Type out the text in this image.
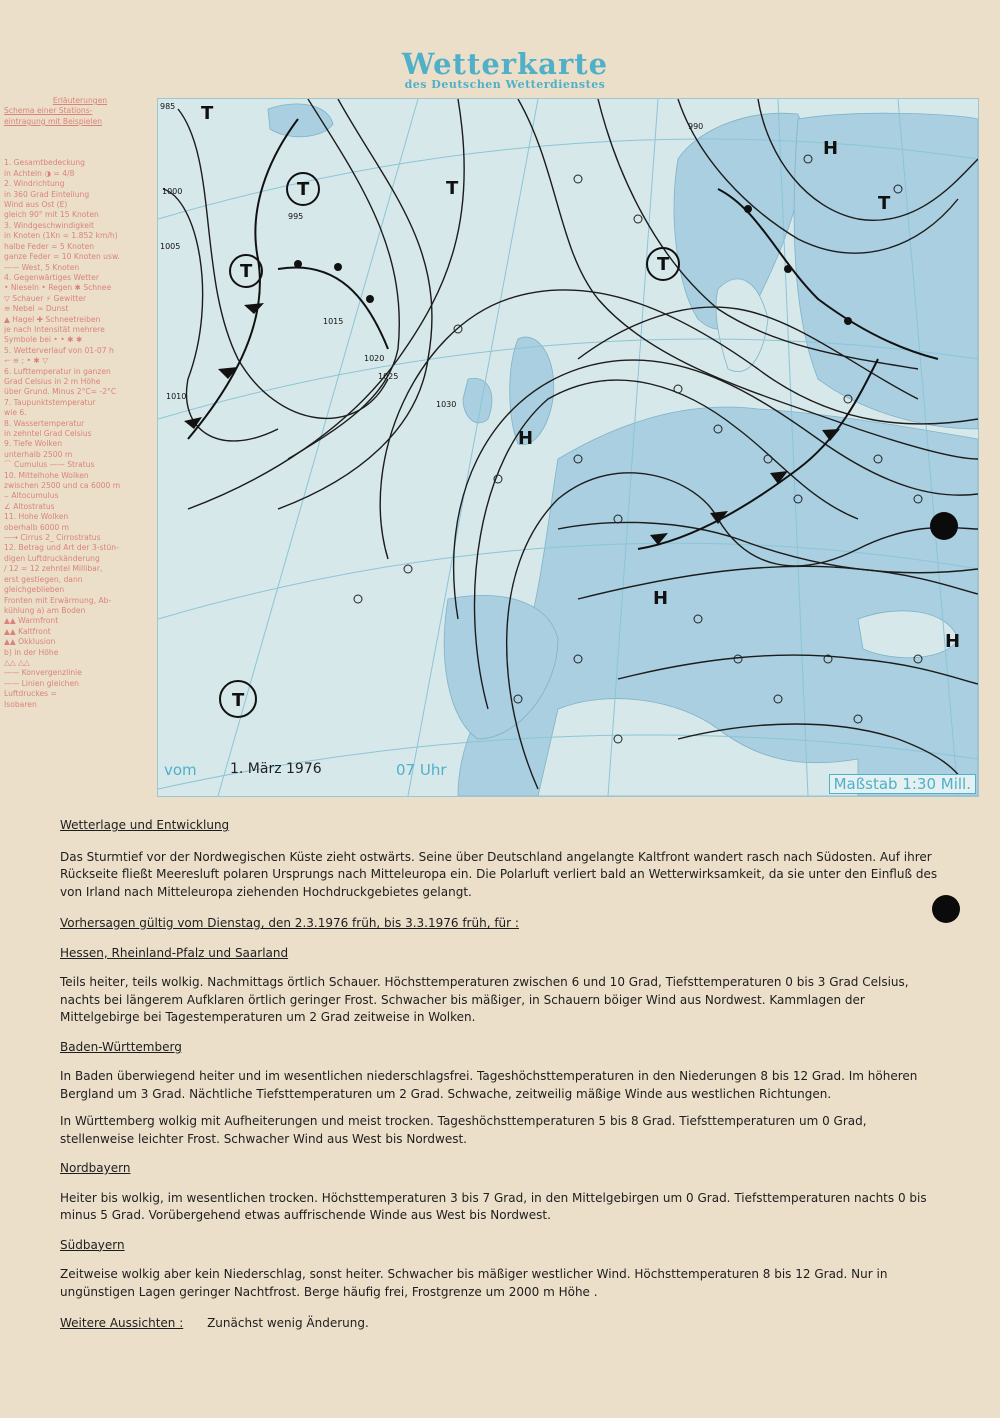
Wetterkarte
des Deutschen Wetterdienstes
Erläuterungen
Schema einer Stations-
eintragung mit Beispielen

1. Gesamtbedeckung
in Achteln ◑ = 4/8
2. Windrichtung
in 360 Grad Einteilung
Wind aus Ost (E)
gleich 90° mit 15 Knoten
3. Windgeschwindigkeit
in Knoten (1Kn = 1.852 km/h)
halbe Feder = 5 Knoten
ganze Feder = 10 Knoten usw.
—— West, 5 Knoten
4. Gegenwärtiges Wetter
• Nieseln • Regen ✱ Schnee
▽ Schauer ⚡ Gewitter
≡ Nebel ∞ Dunst
▲ Hagel ✚ Schneetreiben
je nach Intensität mehrere
Symbole bei • • ✱ ✱
5. Wetterverlauf von 01-07 h
⌐ ≡ ; • ✱ ▽
6. Lufttemperatur in ganzen
Grad Celsius in 2 m Höhe
über Grund. Minus 2°C= -2°C
7. Taupunktstemperatur
wie 6.
8. Wassertemperatur
in zehntel Grad Celsius
9. Tiefe Wolken
unterhalb 2500 m
⌒ Cumulus —— Stratus
10. Mittelhohe Wolken
zwischen 2500 und ca 6000 m
⌣ Altocumulus
∠ Altostratus
11. Hohe Wolken
oberhalb 6000 m
—→ Cirrus 2_ Cirrostratus
12. Betrag und Art der 3-stün-
digen Luftdruckänderung
/ 12 = 12 zehntel Millibar,
erst gestiegen, dann
gleichgeblieben
Fronten mit Erwärmung, Ab-
kühlung a) am Boden
▲▲ Warmfront
▲▲ Kaltfront
▲▲ Okklusion
b) in der Höhe
△△ △△
—— Konvergenzlinie
—— Linien gleichen
Luftdruckes =
Isobaren
T
T
T
T
T
T
T
H
H
H
H
985
990
995
1000
1005
1010
1015
1020
1025
1030
vom 1. März 1976	07 Uhr
Maßstab 1:30 Mill.

Wetterlage und Entwicklung

Das Sturmtief vor der Nordwegischen Küste zieht ostwärts. Seine über Deutschland angelangte Kaltfront wandert rasch nach Südosten. Auf ihrer Rückseite fließt Meeresluft polaren Ursprungs nach Mitteleuropa ein. Die Polarluft verliert bald an Wetterwirksamkeit, da sie unter den Einfluß des von Irland nach Mitteleuropa ziehenden Hochdruckgebietes gelangt.

Vorhersagen gültig vom Dienstag, den 2.3.1976 früh, bis 3.3.1976 früh, für :

Hessen, Rheinland-Pfalz und Saarland

Teils heiter, teils wolkig. Nachmittags örtlich Schauer. Höchsttemperaturen zwischen 6 und 10 Grad, Tiefsttemperaturen 0 bis 3 Grad Celsius, nachts bei längerem Aufklaren örtlich geringer Frost. Schwacher bis mäßiger, in Schauern böiger Wind aus Nordwest. Kammlagen der Mittelgebirge bei Tagestemperaturen um 2 Grad zeitweise in Wolken.

Baden-Württemberg

In Baden überwiegend heiter und im wesentlichen niederschlagsfrei. Tageshöchsttemperaturen in den Niederungen 8 bis 12 Grad. Im höheren Bergland um 3 Grad. Nächtliche Tiefsttemperaturen um 2 Grad. Schwache, zeitweilig mäßige Winde aus westlichen Richtungen.

In Württemberg wolkig mit Aufheiterungen und meist trocken. Tageshöchsttemperaturen 5 bis 8 Grad. Tiefsttemperaturen um 0 Grad, stellenweise leichter Frost. Schwacher Wind aus West bis Nordwest.

Nordbayern

Heiter bis wolkig, im wesentlichen trocken. Höchsttemperaturen 3 bis 7 Grad, in den Mittelgebirgen um 0 Grad. Tiefsttemperaturen nachts 0 bis minus 5 Grad. Vorübergehend etwas auffrischende Winde aus West bis Nordwest.

Südbayern

Zeitweise wolkig aber kein Niederschlag, sonst heiter. Schwacher bis mäßiger westlicher Wind. Höchsttemperaturen 8 bis 12 Grad. Nur in ungünstigen Lagen geringer Nachtfrost. Berge häufig frei, Frostgrenze um 2000 m Höhe .

Weitere Aussichten : Zunächst wenig Änderung.
